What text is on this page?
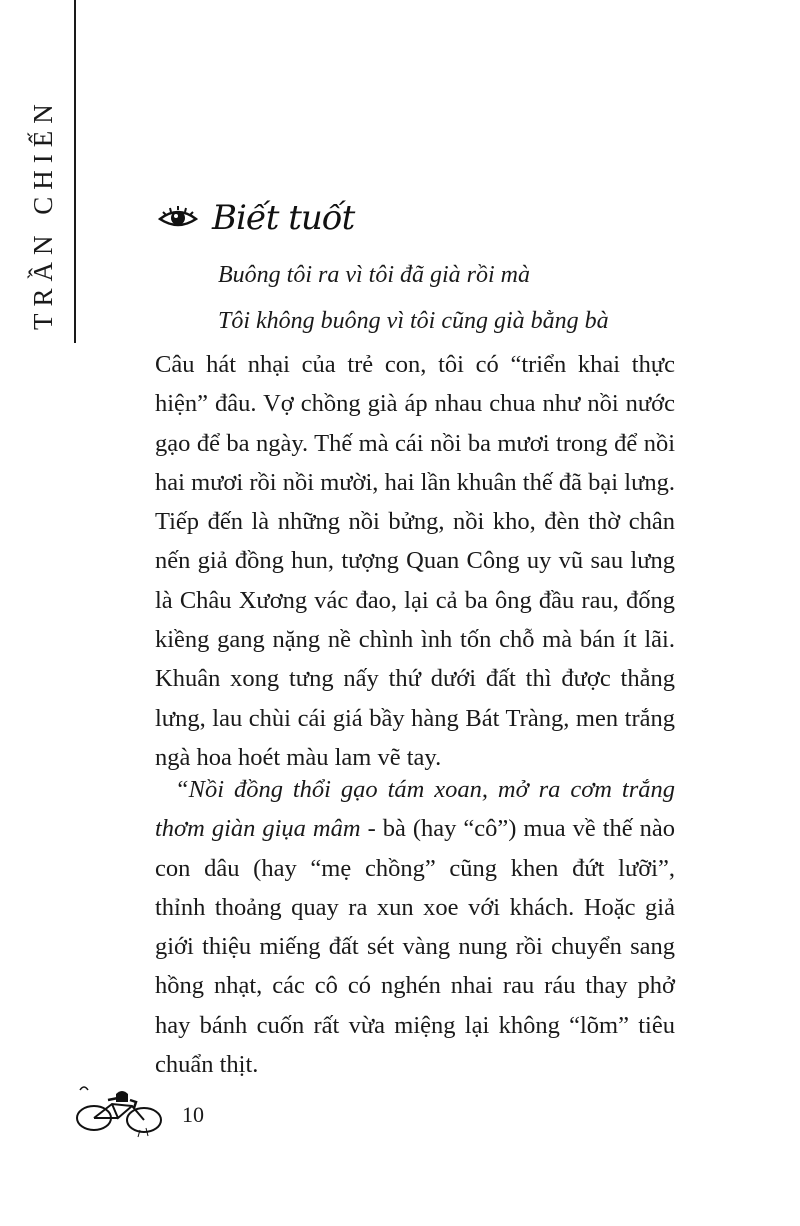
TRẦN CHIẾN	Biết tuốt
Buông tôi ra vì tôi đã già rồi mà
Tôi không buông vì tôi cũng già bằng bà
Câu hát nhại của trẻ con, tôi có “triển khai thực
hiện” đâu. Vợ chồng già áp nhau chua như nồi nước
gạo để ba ngày. Thế mà cái nồi ba mươi trong để nồi
hai mươi rồi nồi mười, hai lần khuân thế đã bại lưng.
Tiếp đến là những nồi bửng, nồi kho, đèn thờ chân
nến giả đồng hun, tượng Quan Công uy vũ sau lưng
là Châu Xương vác đao, lại cả ba ông đầu rau, đống
kiềng gang nặng nề chình ình tốn chỗ mà bán ít lãi.
Khuân xong tưng nấy thứ dưới đất thì được thẳng
lưng, lau chùi cái giá bầy hàng Bát Tràng, men trắng
ngà hoa hoét màu lam vẽ tay.
“Nồi đồng thổi gạo tám xoan, mở ra cơm trắng
thơm giàn giụa mâm - bà (hay “cô”) mua về thế nào
con dâu (hay “mẹ chồng” cũng khen đứt lưỡi”,
thỉnh thoảng quay ra xun xoe với khách. Hoặc giả
giới thiệu miếng đất sét vàng nung rồi chuyển sang
hồng nhạt, các cô có nghén nhai rau ráu thay phở
hay bánh cuốn rất vừa miệng lại không “lõm” tiêu
chuẩn thịt.
10
